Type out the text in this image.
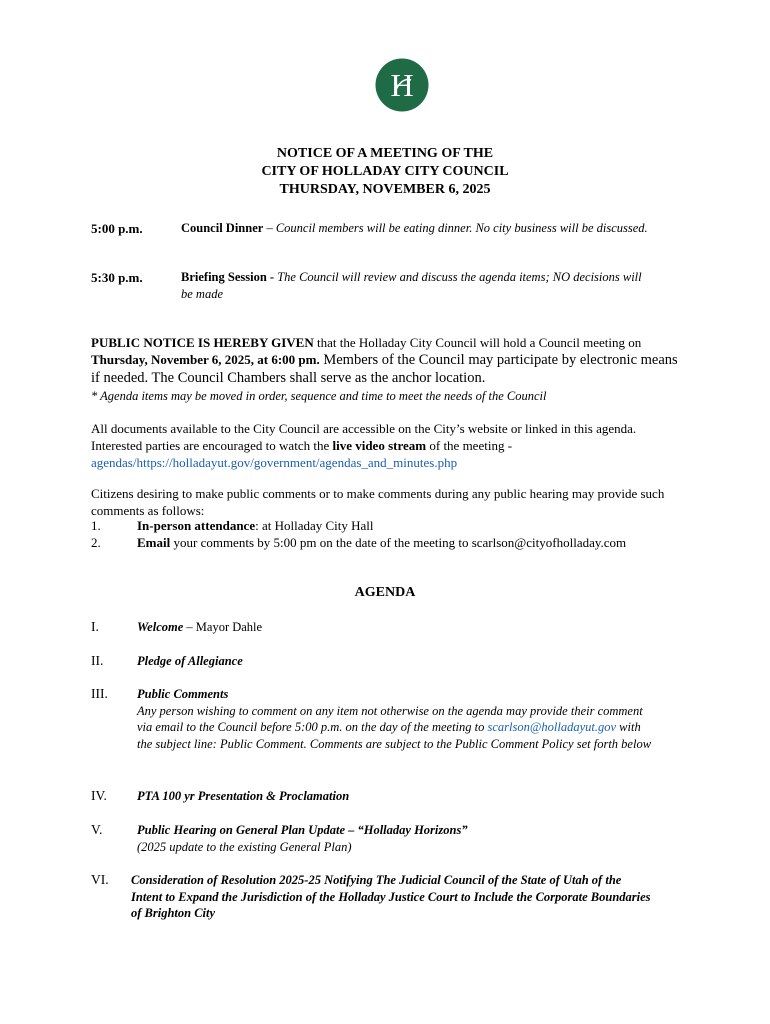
H
NOTICE OF A MEETING OF THE
CITY OF HOLLADAY CITY COUNCIL
THURSDAY, NOVEMBER 6, 2025
5:00 p.m.	Council Dinner – Council members will be eating dinner. No city business will be discussed.
5:30 p.m.	Briefing Session - The Council will review and discuss the agenda items; NO decisions will be made
PUBLIC NOTICE IS HEREBY GIVEN that the Holladay City Council will hold a Council meeting on Thursday, November 6, 2025, at 6:00 pm. Members of the Council may participate by electronic means if needed. The Council Chambers shall serve as the anchor location.
* Agenda items may be moved in order, sequence and time to meet the needs of the Council
All documents available to the City Council are accessible on the City’s website or linked in this agenda. Interested parties are encouraged to watch the live video stream of the meeting -
agendas/https://holladayut.gov/government/agendas_and_minutes.php
Citizens desiring to make public comments or to make comments during any public hearing may provide such comments as follows:
1.	In-person attendance: at Holladay City Hall
2.	Email your comments by 5:00 pm on the date of the meeting to scarlson@cityofholladay.com
AGENDA
I.	Welcome – Mayor Dahle
II.	Pledge of Allegiance
III. Public Comments
Any person wishing to comment on any item not otherwise on the agenda may provide their comment via email to the Council before 5:00 p.m. on the day of the meeting to scarlson@holladayut.gov with the subject line: Public Comment. Comments are subject to the Public Comment Policy set forth below
IV. PTA 100 yr Presentation & Proclamation
V.	Public Hearing on General Plan Update – “Holladay Horizons”
(2025 update to the existing General Plan)
VI. Consideration of Resolution 2025-25 Notifying The Judicial Council of the State of Utah of the Intent to Expand the Jurisdiction of the Holladay Justice Court to Include the Corporate Boundaries of Brighton City
